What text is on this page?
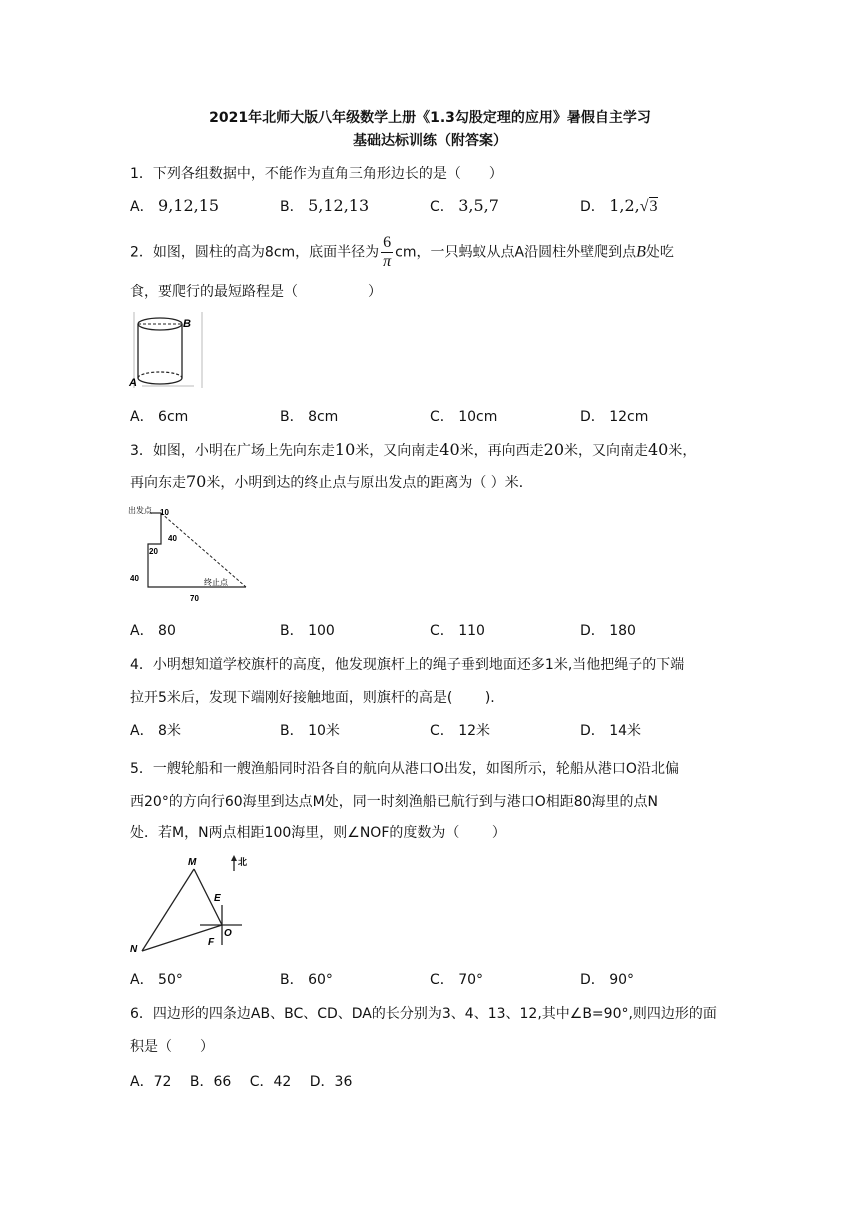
2021年北师大版八年级数学上册《1.3勾股定理的应用》暑假自主学习
基础达标训练（附答案）
1．下列各组数据中，不能作为直角三角形边长的是（　　）
A． 9,12,15	B． 5,12,13	C． 3,5,7	D． 1,2,√3
2．如图，圆柱的高为8cm，底面半径为 $\frac{6}{\pi}$ cm，一只蚂蚁从点A沿圆柱外壁爬到点B处吃
食，要爬行的最短路程是（　　　　　）
B
A
A． 6cm	B． 8cm	C． 10cm	D． 12cm
3．如图，小明在广场上先向东走10米，又向南走40米，再向西走20米，又向南走40米，
再向东走70米，小明到达的终止点与原出发点的距离为（ ）米．
出发点 10
40
20
40	终止点
70
A． 80	B． 100	C． 110	D． 180
4．小明想知道学校旗杆的高度，他发现旗杆上的绳子垂到地面还多1米,当他把绳子的下端
拉开5米后，发现下端刚好接触地面，则旗杆的高是(　　 ).
A． 8米	B． 10米	C． 12米	D． 14米
5．一艘轮船和一艘渔船同时沿各自的航向从港口O出发，如图所示，轮船从港口O沿北偏
西20°的方向行60海里到达点M处，同一时刻渔船已航行到与港口O相距80海里的点N
处．若M，N两点相距100海里，则∠NOF的度数为（　　 ）
北
M
E
O
F
N
A． 50°	B． 60°	C． 70°	D． 90°
6．四边形的四条边AB、BC、CD、DA的长分别为3、4、13、12,其中∠B=90°,则四边形的面
积是（　　）
A．72　 B．66　 C．42　 D．36
